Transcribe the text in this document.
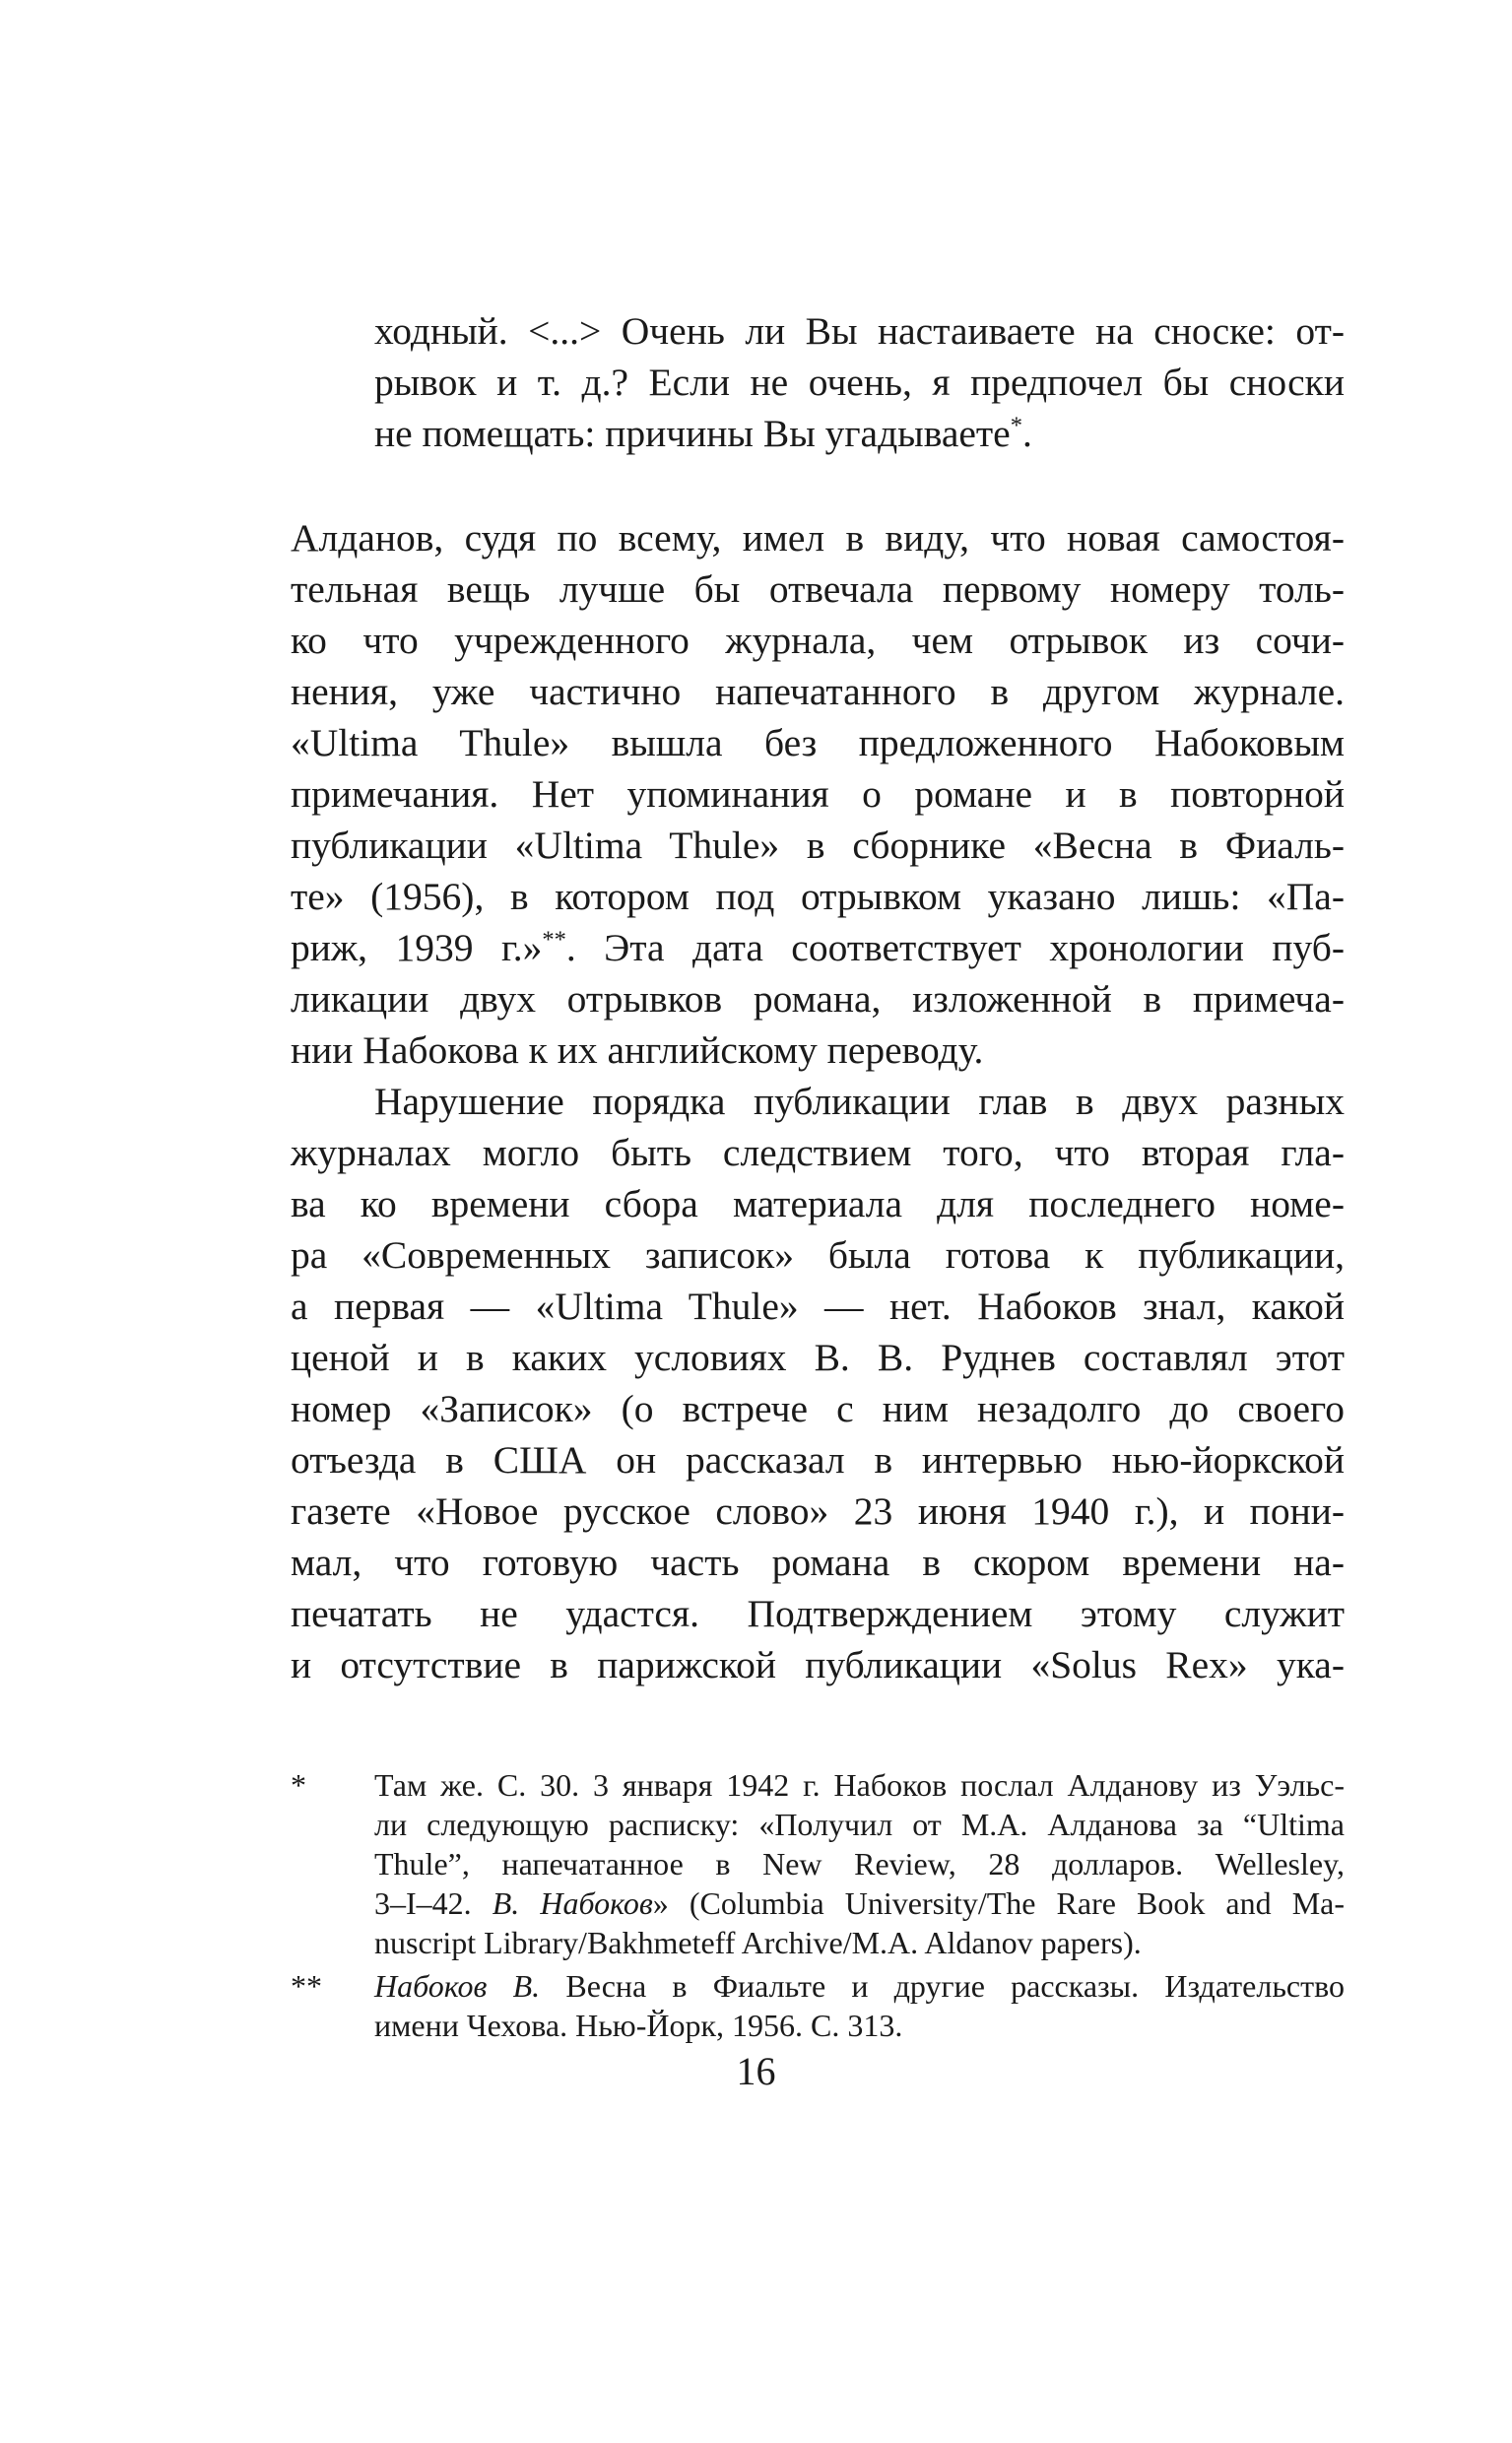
ходный. <...> Очень ли Вы настаиваете на сноске: от-
рывок и т. д.? Если не очень, я предпочел бы сноски
не помещать: причины Вы угадываете*.
Алданов, судя по всему, имел в виду, что новая самостоя-
тельная вещь лучше бы отвечала первому номеру толь-
ко что учрежденного журнала, чем отрывок из сочи-
нения, уже частично напечатанного в другом журнале.
«Ultima Thule» вышла без предложенного Набоковым
примечания. Нет упоминания о романе и в повторной
публикации «Ultima Thule» в сборнике «Весна в Фиаль-
те» (1956), в котором под отрывком указано лишь: «Па-
риж, 1939 г.»**. Эта дата соответствует хронологии пуб-
ликации двух отрывков романа, изложенной в примеча-
нии Набокова к их английскому переводу.
Нарушение порядка публикации глав в двух разных
журналах могло быть следствием того, что вторая гла-
ва ко времени сбора материала для последнего номе-
ра «Современных записок» была готова к публикации,
а первая — «Ultima Thule» — нет. Набоков знал, какой
ценой и в каких условиях В. В. Руднев составлял этот
номер «Записок» (о встрече с ним незадолго до своего
отъезда в США он рассказал в интервью нью-йоркской
газете «Новое русское слово» 23 июня 1940 г.), и пони-
мал, что готовую часть романа в скором времени на-
печатать не удастся. Подтверждением этому служит
и отсутствие в парижской публикации «Solus Rex» ука-
* Там же. С. 30. 3 января 1942 г. Набоков послал Алданову из Уэльс-
ли следующую расписку: «Получил от М.А. Алданова за “Ultima
Thule”, напечатанное в New Review, 28 долларов. Wellesley,
3–I–42. В. Набоков» (Columbia University/The Rare Book and Ma-
nuscript Library/Bakhmeteff Archive/M.A. Aldanov papers).
** Набоков В. Весна в Фиальте и другие рассказы. Издательство
имени Чехова. Нью-Йорк, 1956. С. 313.
16
